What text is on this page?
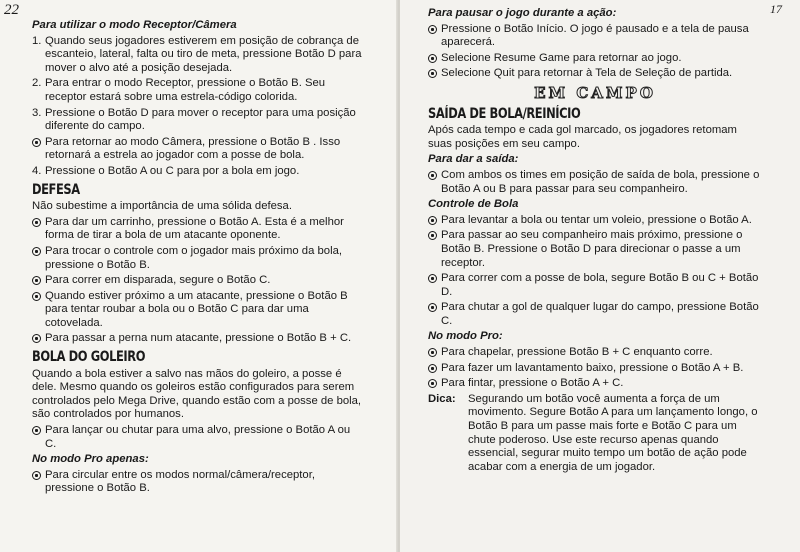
22
Para utilizar o modo Receptor/Câmera
1. Quando seus jogadores estiverem em posição de cobrança de escanteio, lateral, falta ou tiro de meta, pressione Botão D para mover o alvo até a posição desejada.
2. Para entrar o modo Receptor, pressione o Botão B. Seu receptor estará sobre uma estrela-código colorida.
3. Pressione o Botão D para mover o receptor para uma posição diferente do campo.
Para retornar ao modo Câmera, pressione o Botão B . Isso retornará a estrela ao jogador com a posse de bola.
4. Pressione o Botão A ou C para por a bola em jogo.
DEFESA
Não subestime a importância de uma sólida defesa.
Para dar um carrinho, pressione o Botão A. Esta é a melhor forma de tirar a bola de um atacante oponente.
Para trocar o controle com o jogador mais próximo da bola, pressione o Botão B.
Para correr em disparada, segure o Botão C.
Quando estiver próximo a um atacante, pressione o Botão B para tentar roubar a bola ou o Botão C para dar uma cotovelada.
Para passar a perna num atacante, pressione o Botão B + C.
BOLA DO GOLEIRO
Quando a bola estiver a salvo nas mãos do goleiro, a posse é dele. Mesmo quando os goleiros estão configurados para serem controlados pelo Mega Drive, quando estão com a posse de bola, são controlados por humanos.
Para lançar ou chutar para uma alvo, pressione o Botão A ou C.
No modo Pro apenas:
Para circular entre os modos normal/câmera/receptor, pressione o Botão B.
17
Para pausar o jogo durante a ação:
Pressione o Botão Início. O jogo é pausado e a tela de pausa aparecerá.
Selecione Resume Game para retornar ao jogo.
Selecione Quit para retornar à Tela de Seleção de partida.
EM CAMPO
SAÍDA DE BOLA/REINÍCIO
Após cada tempo e cada gol marcado, os jogadores retomam suas posições em seu campo.
Para dar a saída:
Com ambos os times em posição de saída de bola, pressione o Botão A ou B para passar para seu companheiro.
Controle de Bola
Para levantar a bola ou tentar um voleio, pressione o Botão A.
Para passar ao seu companheiro mais próximo, pressione o Botão B. Pressione o Botão D para direcionar o passe a um receptor.
Para correr com a posse de bola, segure Botão B ou C + Botão D.
Para chutar a gol de qualquer lugar do campo, pressione Botão C.
No modo Pro:
Para chapelar, pressione Botão B + C enquanto corre.
Para fazer um lavantamento baixo, pressione o Botão A + B.
Para fintar, pressione o Botão A + C.
Dica:	Segurando um botão você aumenta a força de um movimento. Segure Botão A para um lançamento longo, o Botão B para um passe mais forte e Botão C para um chute poderoso. Use este recurso apenas quando essencial, segurar muito tempo um botão de ação pode acabar com a energia de um jogador.
